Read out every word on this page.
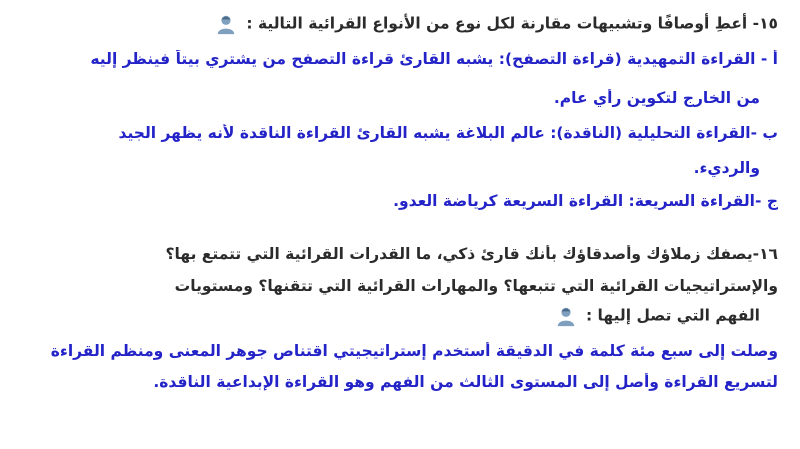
١٥- أعطِ أوصافًا وتشبيهات مقارنة لكل نوع من الأنواع القرائية التالية :
أ - القراءة التمهيدية (قراءة التصفح): يشبه القارئ قراءة التصفح من يشتري بيتاً فينظر إليه
من الخارج لتكوين رأي عام.
ب -القراءة التحليلية (الناقدة): عالم البلاغة يشبه القارئ القراءة الناقدة لأنه يظهر الجيد
والرديء.
ج -القراءة السريعة: القراءة السريعة كرياضة العدو.
١٦-يصفك زملاؤك وأصدقاؤك بأنك قارئ ذكي، ما القدرات القرائية التي تتمتع بها؟
والإستراتيجيات القرائية التي تتبعها؟ والمهارات القرائية التي تتقنها؟ ومستويات
الفهم التي تصل إليها :
وصلت إلى سبع مئة كلمة في الدقيقة أستخدم إستراتيجيتي اقتناص جوهر المعنى ومنظم القراءة
لتسريع القراءة وأصل إلى المستوى الثالث من الفهم وهو القراءة الإبداعية الناقدة.
